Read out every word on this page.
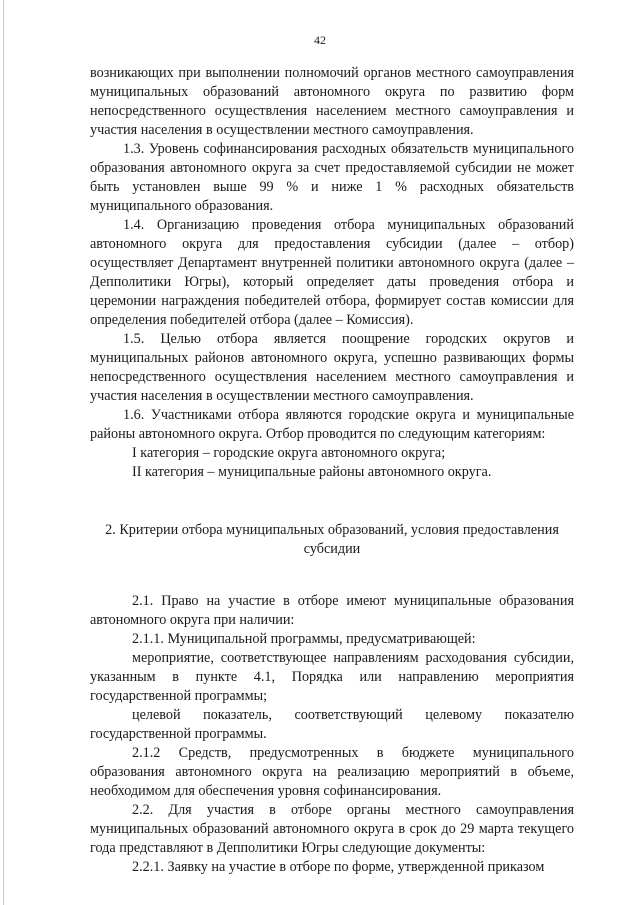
42

возникающих при выполнении полномочий органов местного самоуправления муниципальных образований автономного округа по развитию форм непосредственного осуществления населением местного самоуправления и участия населения в осуществлении местного самоуправления.

1.3. Уровень софинансирования расходных обязательств муниципального образования автономного округа за счет предоставляемой субсидии не может быть установлен выше 99 % и ниже 1 % расходных обязательств муниципального образования.

1.4. Организацию проведения отбора муниципальных образований автономного округа для предоставления субсидии (далее – отбор) осуществляет Департамент внутренней политики автономного округа (далее – Депполитики Югры), который определяет даты проведения отбора и церемонии награждения победителей отбора, формирует состав комиссии для определения победителей отбора (далее – Комиссия).

1.5. Целью отбора является поощрение городских округов и муниципальных районов автономного округа, успешно развивающих формы непосредственного осуществления населением местного самоуправления и участия населения в осуществлении местного самоуправления.

1.6. Участниками отбора являются городские округа и муниципальные районы автономного округа. Отбор проводится по следующим категориям:

I категория – городские округа автономного округа;

II категория – муниципальные районы автономного округа.

2. Критерии отбора муниципальных образований, условия предоставления субсидии

2.1. Право на участие в отборе имеют муниципальные образования автономного округа при наличии:

2.1.1. Муниципальной программы, предусматривающей:

мероприятие, соответствующее направлениям расходования субсидии, указанным в пункте 4.1, Порядка или направлению мероприятия государственной программы;

целевой показатель, соответствующий целевому показателю государственной программы.

2.1.2 Средств, предусмотренных в бюджете муниципального образования автономного округа на реализацию мероприятий в объеме, необходимом для обеспечения уровня софинансирования.

2.2. Для участия в отборе органы местного самоуправления муниципальных образований автономного округа в срок до 29 марта текущего года представляют в Депполитики Югры следующие документы:

2.2.1. Заявку на участие в отборе по форме, утвержденной приказом
